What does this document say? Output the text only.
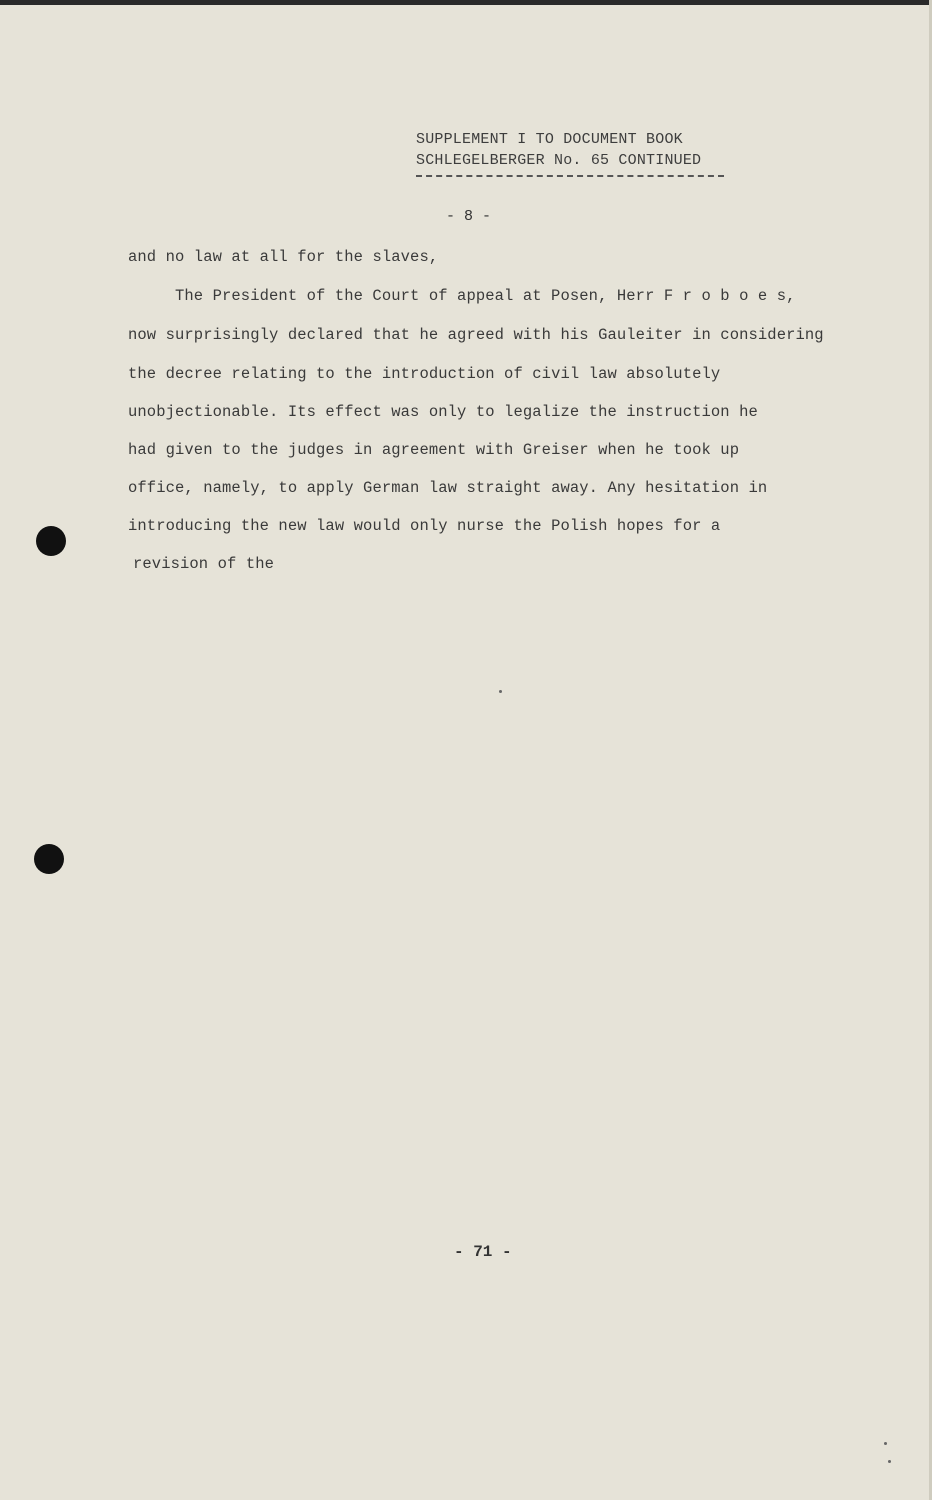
SUPPLEMENT I TO DOCUMENT BOOK
SCHLEGELBERGER No. 65 CONTINUED
- 8 -
and no law at all for the slaves,
The President of the Court of appeal at Posen, Herr F r o b o e s,
now surprisingly declared that he agreed with his Gauleiter in considering
the decree relating to the introduction of civil law absolutely
unobjectionable. Its effect was only to legalize the instruction he
had given to the judges in agreement with Greiser when he took up
office, namely, to apply German law straight away. Any hesitation in
introducing the new law would only nurse the Polish hopes for a
revision of the
- 71 -
